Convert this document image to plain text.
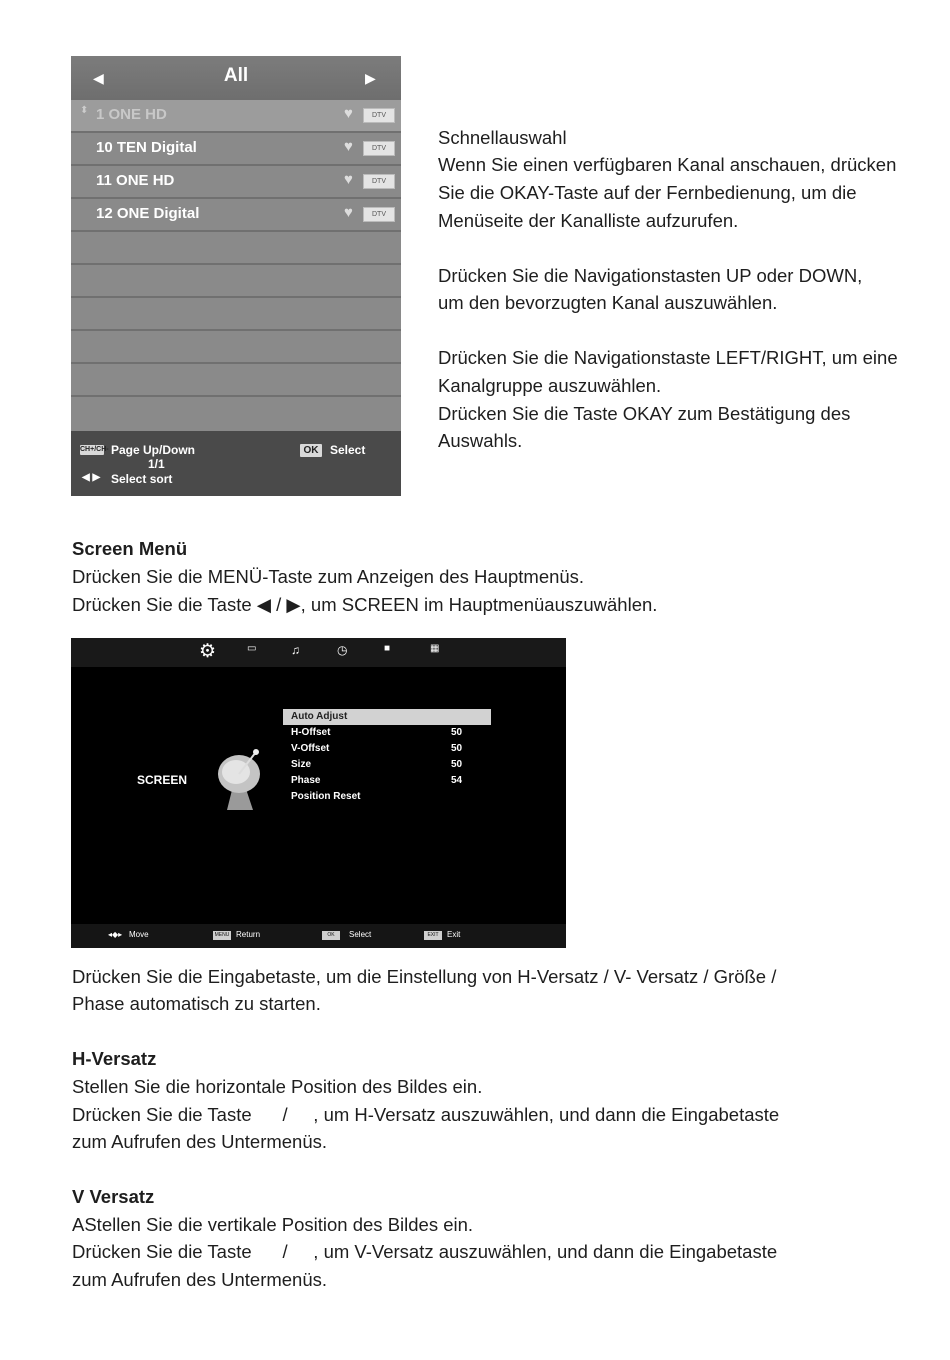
◀	All	▶
⬍ 1 ONE HD	♥	DTV
10 TEN Digital	♥	DTV
11 ONE HD	♥	DTV
12 ONE Digital	♥	DTV
CH+/CH- Page Up/Down
1/1
◀ ▶ Select sort
OK Select
Schnellauswahl
Wenn Sie einen verfügbaren Kanal anschauen, drücken
Sie die OKAY-Taste auf der Fernbedienung, um die
Menüseite der Kanalliste aufzurufen.
Drücken Sie die Navigationstasten UP oder DOWN,
um den bevorzugten Kanal auszuwählen.
Drücken Sie die Navigationstaste LEFT/RIGHT, um eine
Kanalgruppe auszuwählen.
Drücken Sie die Taste OKAY zum Bestätigung des
Auswahls.
Screen Menü
Drücken Sie die MENÜ-Taste zum Anzeigen des Hauptmenüs.
Drücken Sie die Taste ◀ / ▶, um SCREEN im Hauptmenüauszuwählen.
⚙	▭	♫	◷	■	▦
SCREEN
Auto Adjust
H-Offset	50
V-Offset	50
Size	50
Phase	54
Position Reset
◂◆▸ Move	MENU Return	OK	Select	EXIT	Exit
Drücken Sie die Eingabetaste, um die Einstellung von H-Versatz / V- Versatz / Größe /
Phase automatisch zu starten.
H-Versatz
Stellen Sie die horizontale Position des Bildes ein.
Drücken Sie die Taste      /     , um H-Versatz auszuwählen, und dann die Eingabetaste
zum Aufrufen des Untermenüs.
V Versatz
AStellen Sie die vertikale Position des Bildes ein.
Drücken Sie die Taste      /     , um V-Versatz auszuwählen, und dann die Eingabetaste
zum Aufrufen des Untermenüs.
